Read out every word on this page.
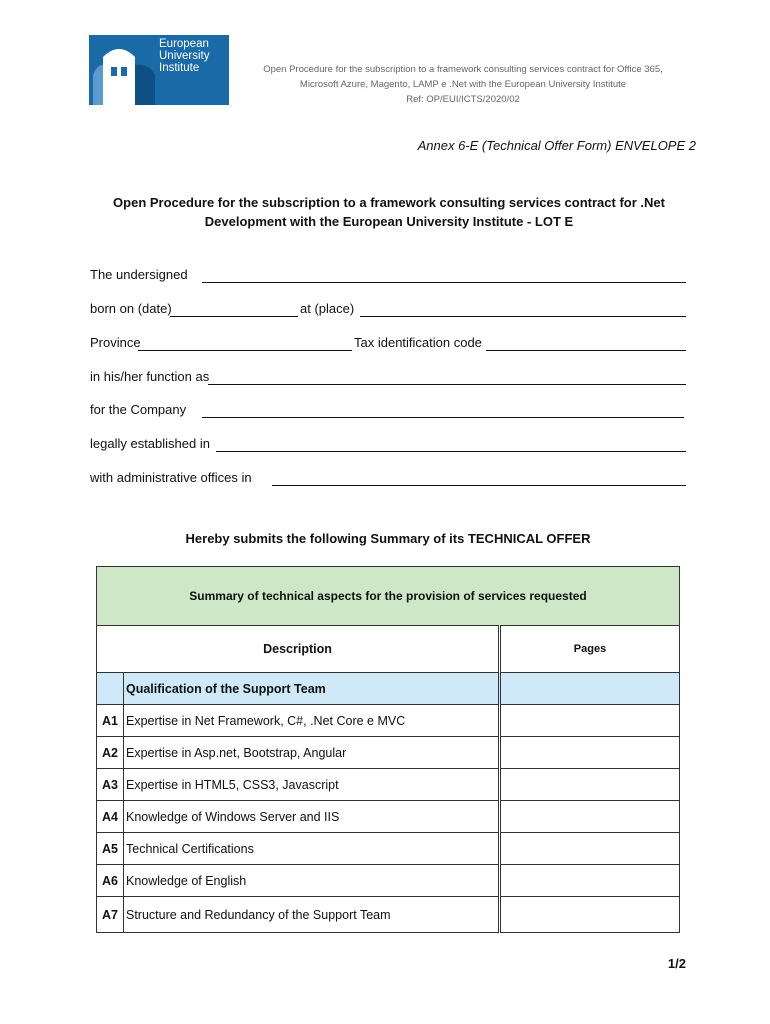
European
University
Institute	Open Procedure for the subscription to a framework consulting services contract for Office 365,
Microsoft Azure, Magento, LAMP e .Net with the European University Institute
Ref: OP/EUI/ICTS/2020/02
Annex 6-E (Technical Offer Form) ENVELOPE 2
Open Procedure for the subscription to a framework consulting services contract for .Net
Development with the European University Institute - LOT E
The undersigned
born on (date)	at (place)
Province	Tax identification code
in his/her function as
for the Company
legally established in
with administrative offices in
Hereby submits the following Summary of its TECHNICAL OFFER
Summary of technical aspects for the provision of services requested		
Description		Pages
	Qualification of the Support Team	
A1	Expertise in Net Framework, C#, .Net Core e MVC	
A2	Expertise in Asp.net, Bootstrap, Angular	
A3	Expertise in HTML5, CSS3, Javascript	
A4	Knowledge of Windows Server and IIS	
A5	Technical Certifications	
A6	Knowledge of English	
A7	Structure and Redundancy of the Support Team	
1/2
